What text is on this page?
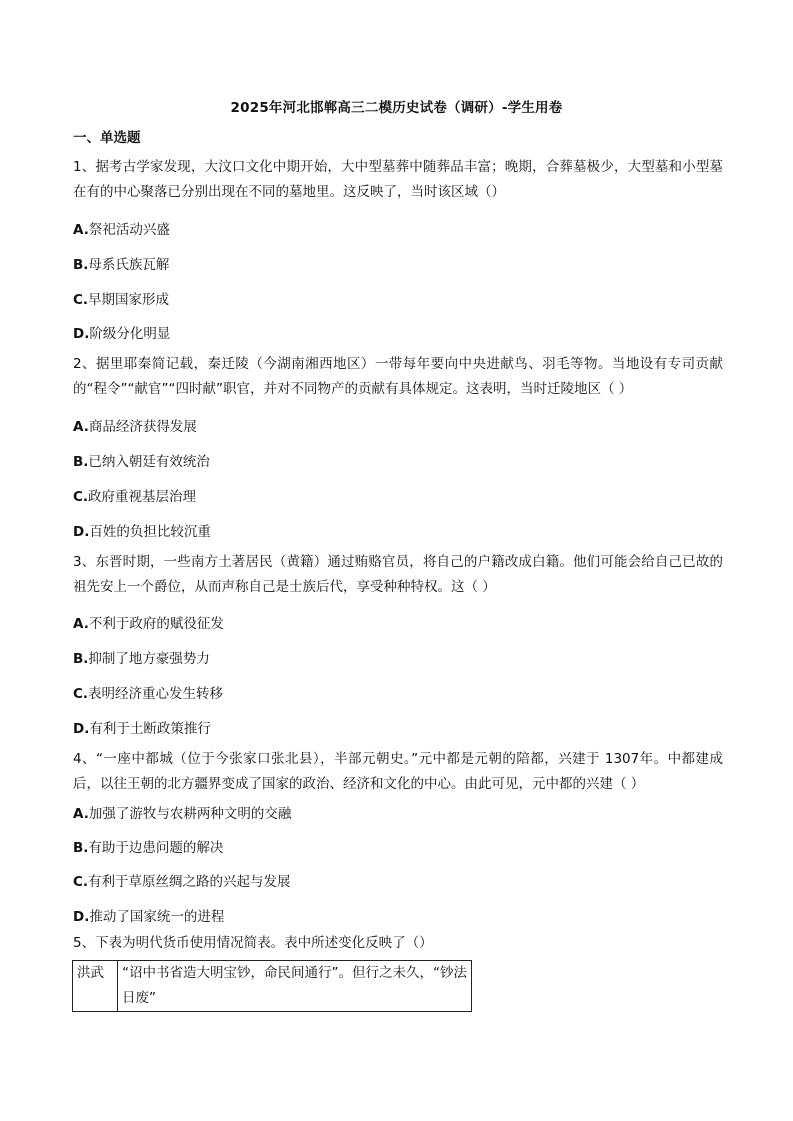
2025年河北邯郸高三二模历史试卷（调研）-学生用卷
一、单选题
1、据考古学家发现，大汶口文化中期开始，大中型墓葬中随葬品丰富；晚期，合葬墓极少，大型墓和小型墓在有的中心聚落已分别出现在不同的墓地里。这反映了，当时该区域（）
A.祭祀活动兴盛
B.母系氏族瓦解
C.早期国家形成
D.阶级分化明显
2、据里耶秦简记载，秦迁陵（今湖南湘西地区）一带每年要向中央进献鸟、羽毛等物。当地设有专司贡献的“程令”“献官”“四时献”职官，并对不同物产的贡献有具体规定。这表明，当时迁陵地区（ ）
A.商品经济获得发展
B.已纳入朝廷有效统治
C.政府重视基层治理
D.百姓的负担比较沉重
3、东晋时期，一些南方土著居民（黄籍）通过贿赂官员，将自己的户籍改成白籍。他们可能会给自己已故的祖先安上一个爵位，从而声称自己是士族后代，享受种种特权。这（ ）
A.不利于政府的赋役征发
B.抑制了地方豪强势力
C.表明经济重心发生转移
D.有利于土断政策推行
4、“一座中都城（位于今张家口张北县），半部元朝史。”元中都是元朝的陪都，兴建于 1307年。中都建成后，以往王朝的北方疆界变成了国家的政治、经济和文化的中心。由此可见，元中都的兴建（ ）
A.加强了游牧与农耕两种文明的交融
B.有助于边患问题的解决
C.有利于草原丝绸之路的兴起与发展
D.推动了国家统一的进程
5、下表为明代货币使用情况简表。表中所述变化反映了（）
洪武	“诏中书省造大明宝钞，命民间通行”。但行之未久，“钞法日废”
